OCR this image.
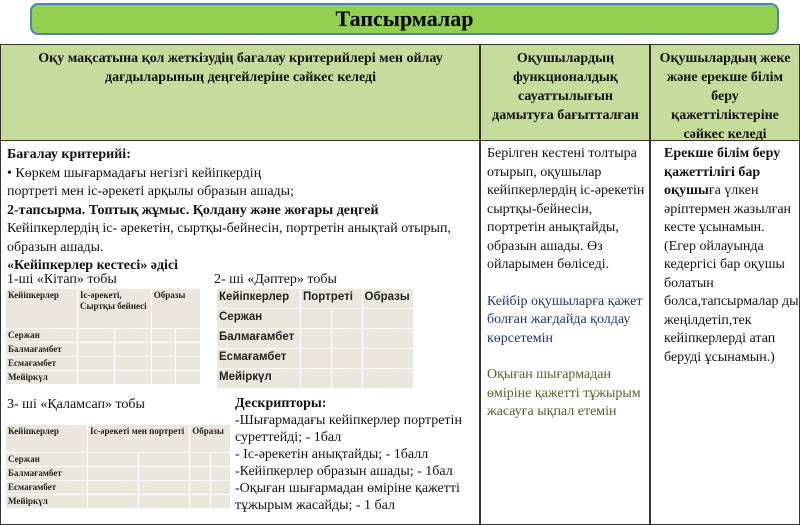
Тапсырмалар
Оқу мақсатына қол жеткізудің бағалау критерийлері мен ойлау дағдыларының деңгейлеріне сәйкес келеді
Оқушылардың функционалдық сауаттылығын дамытуға бағытталған
Оқушылардың жеке және ерекше білім беру қажеттіліктеріне сәйкес келеді

Бағалау критерийі:

• Көркем шығармадағы негізгі кейіпкердің

портреті мен іс-әрекеті арқылы образын ашады;

2-тапсырма. Топтық жұмыс. Қолдану және жоғары деңгей

Кейіпкерлердің іс- әрекетін, сыртқы-бейнесін, портретін анықтай отырып, образын ашады.

«Кейіпкерлер кестесі» әдісі

1-ші «Кітап» тобы
Кейіпкерлер	Іс-әрекеті, Сыртқы бейнесі		Образы	
Сержан				
Балмағамбет				
Есмағамбет				
Мейіркүл				
2- ші «Дәптер» тобы
Кейіпкерлер	Портреті		Образы
Сержан			
Балмағамбет			
Есмағамбет			
Мейіркүл			
3- ші «Қаламсап» тобы
Кейіпкерлер	Іс-әрекеті мен портреті		Образы	
Сержан				
Балмағамбет				
Есмағамбет				
Мейіркүл				
Дескрипторы:
-Шығармадағы кейіпкерлер портретін суреттейді; - 1бал
- Іс-әрекетін анықтайды; - 1балл
-Кейіпкерлер образын ашады; - 1бал
-Оқыған шығармадан өміріне қажетті тұжырым жасайды; - 1 бал

Берілген кестені толтыра отырып, оқушылар кейіпкерлердің іс-әрекетін сыртқы-бейнесін, портретін анықтайды, образын ашады. Өз ойларымен бөліседі.

Кейбір оқушыларға қажет болған жағдайда қолдау көрсетемін

Оқыған шығармадан өміріне қажетті тұжырым жасауға ықпал етемін

Ерекше білім беру қажеттілігі бар оқушыға үлкен әріптермен жазылған кесте ұсынамын. (Егер ойлауында кедергісі бар оқушы болатын болса,тапсырмалар ды жеңілдетіп,тек кейіпкерлерді атап беруді ұсынамын.)
